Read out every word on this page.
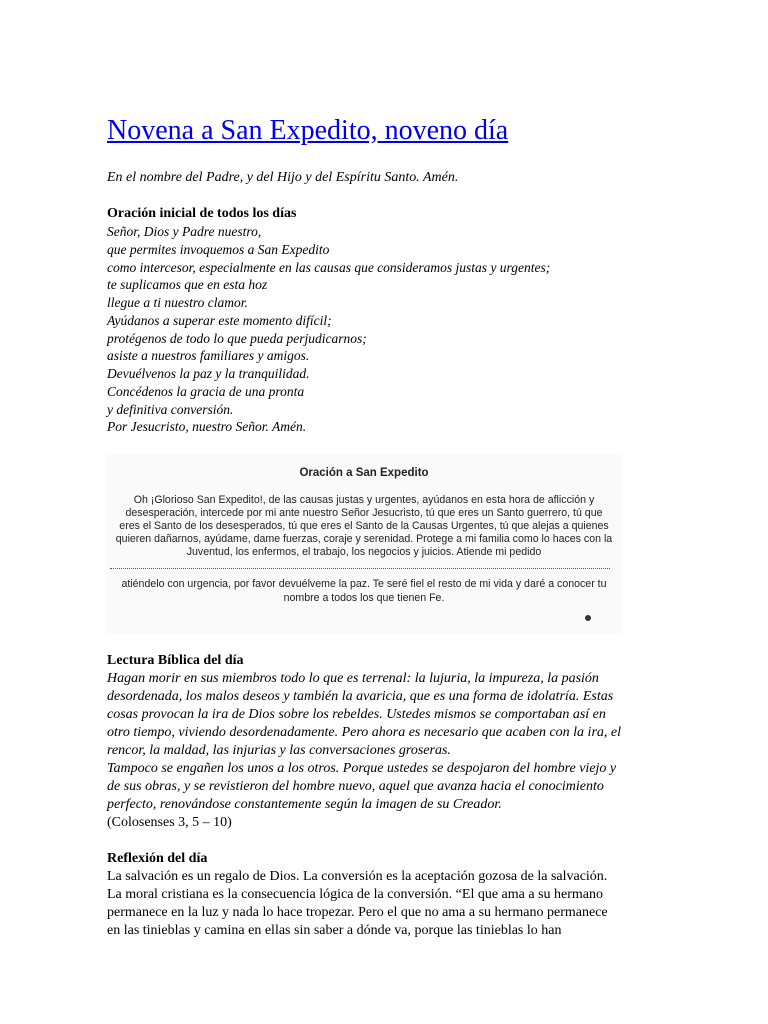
Novena a San Expedito, noveno día

En el nombre del Padre, y del Hijo y del Espíritu Santo. Amén.

Oración inicial de todos los días
Señor, Dios y Padre nuestro,
que permites invoquemos a San Expedito
como intercesor, especialmente en las causas que consideramos justas y urgentes;
te suplicamos que en esta hoz
llegue a ti nuestro clamor.
Ayúdanos a superar este momento difícil;
protégenos de todo lo que pueda perjudicarnos;
asiste a nuestros familiares y amigos.
Devuélvenos la paz y la tranquilidad.
Concédenos la gracia de una pronta
y definitiva conversión.
Por Jesucristo, nuestro Señor. Amén.
Oración a San Expedito
Oh ¡Glorioso San Expedito!, de las causas justas y urgentes, ayúdanos en esta hora de aflicción y
desesperación, intercede por mi ante nuestro Señor Jesucristo, tú que eres un Santo guerrero, tú que
eres el Santo de los desesperados, tú que eres el Santo de la Causas Urgentes, tú que alejas a quienes
quieren dañarnos, ayúdame, dame fuerzas, coraje y serenidad. Protege a mi familia como lo haces con la
Juventud, los enfermos, el trabajo, los negocios y juicios. Atiende mi pedido
atiéndelo con urgencia, por favor devuélveme la paz. Te seré fiel el resto de mi vida y daré a conocer tu
nombre a todos los que tienen Fe.
Lectura Bíblica del día
Hagan morir en sus miembros todo lo que es terrenal: la lujuria, la impureza, la pasión
desordenada, los malos deseos y también la avaricia, que es una forma de idolatría. Estas
cosas provocan la ira de Dios sobre los rebeldes. Ustedes mismos se comportaban así en
otro tiempo, viviendo desordenadamente. Pero ahora es necesario que acaben con la ira, el
rencor, la maldad, las injurias y las conversaciones groseras.
Tampoco se engañen los unos a los otros. Porque ustedes se despojaron del hombre viejo y
de sus obras, y se revistieron del hombre nuevo, aquel que avanza hacia el conocimiento
perfecto, renovándose constantemente según la imagen de su Creador.
(Colosenses 3, 5 – 10)
Reflexión del día
La salvación es un regalo de Dios. La conversión es la aceptación gozosa de la salvación.
La moral cristiana es la consecuencia lógica de la conversión. “El que ama a su hermano
permanece en la luz y nada lo hace tropezar. Pero el que no ama a su hermano permanece
en las tinieblas y camina en ellas sin saber a dónde va, porque las tinieblas lo han
